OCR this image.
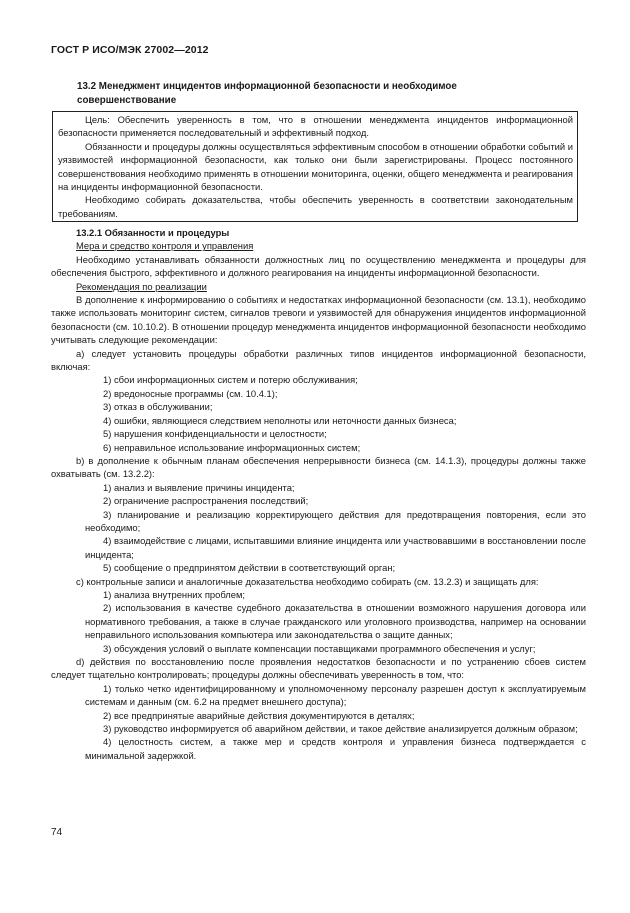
ГОСТ Р ИСО/МЭК 27002—2012
13.2 Менеджмент инцидентов информационной безопасности и необходимое
совершенствование

Цель: Обеспечить уверенность в том, что в отношении менеджмента инцидентов информационной безопасности применяется последовательный и эффективный подход.

Обязанности и процедуры должны осуществляться эффективным способом в отношении обработки событий и уязвимостей информационной безопасности, как только они были зарегистрированы. Процесс постоянного совершенствования необходимо применять в отношении мониторинга, оценки, общего менеджмента и реагирования на инциденты информационной безопасности.

Необходимо собирать доказательства, чтобы обеспечить уверенность в соответствии законодательным требованиям.

13.2.1 Обязанности и процедуры

Мера и средство контроля и управления

Необходимо устанавливать обязанности должностных лиц по осуществлению менеджмента и процедуры для обеспечения быстрого, эффективного и должного реагирования на инциденты информационной безопасности.

Рекомендация по реализации

В дополнение к информированию о событиях и недостатках информационной безопасности (см. 13.1), необходимо также использовать мониторинг систем, сигналов тревоги и уязвимостей для обнаружения инцидентов информационной безопасности (см. 10.10.2). В отношении процедур менеджмента инцидентов информационной безопасности необходимо учитывать следующие рекомендации:

a) следует установить процедуры обработки различных типов инцидентов информационной безопасности, включая:

1) сбои информационных систем и потерю обслуживания;

2) вредоносные программы (см. 10.4.1);

3) отказ в обслуживании;

4) ошибки, являющиеся следствием неполноты или неточности данных бизнеса;

5) нарушения конфиденциальности и целостности;

6) неправильное использование информационных систем;

b) в дополнение к обычным планам обеспечения непрерывности бизнеса (см. 14.1.3), процедуры должны также охватывать (см. 13.2.2):

1) анализ и выявление причины инцидента;

2) ограничение распространения последствий;

3) планирование и реализацию корректирующего действия для предотвращения повторения, если это необходимо;

4) взаимодействие с лицами, испытавшими влияние инцидента или участвовавшими в восстановлении после инцидента;

5) сообщение о предпринятом действии в соответствующий орган;

c) контрольные записи и аналогичные доказательства необходимо собирать (см. 13.2.3) и защищать для:

1) анализа внутренних проблем;

2) использования в качестве судебного доказательства в отношении возможного нарушения договора или нормативного требования, а также в случае гражданского или уголовного производства, например на основании неправильного использования компьютера или законодательства о защите данных;

3) обсуждения условий о выплате компенсации поставщиками программного обеспечения и услуг;

d) действия по восстановлению после проявления недостатков безопасности и по устранению сбоев систем следует тщательно контролировать; процедуры должны обеспечивать уверенность в том, что:

1) только четко идентифицированному и уполномоченному персоналу разрешен доступ к эксплуатируемым системам и данным (см. 6.2 на предмет внешнего доступа);

2) все предпринятые аварийные действия документируются в деталях;

3) руководство информируется об аварийном действии, и такое действие анализируется должным образом;

4) целостность систем, а также мер и средств контроля и управления бизнеса подтверждается с минимальной задержкой.

74
